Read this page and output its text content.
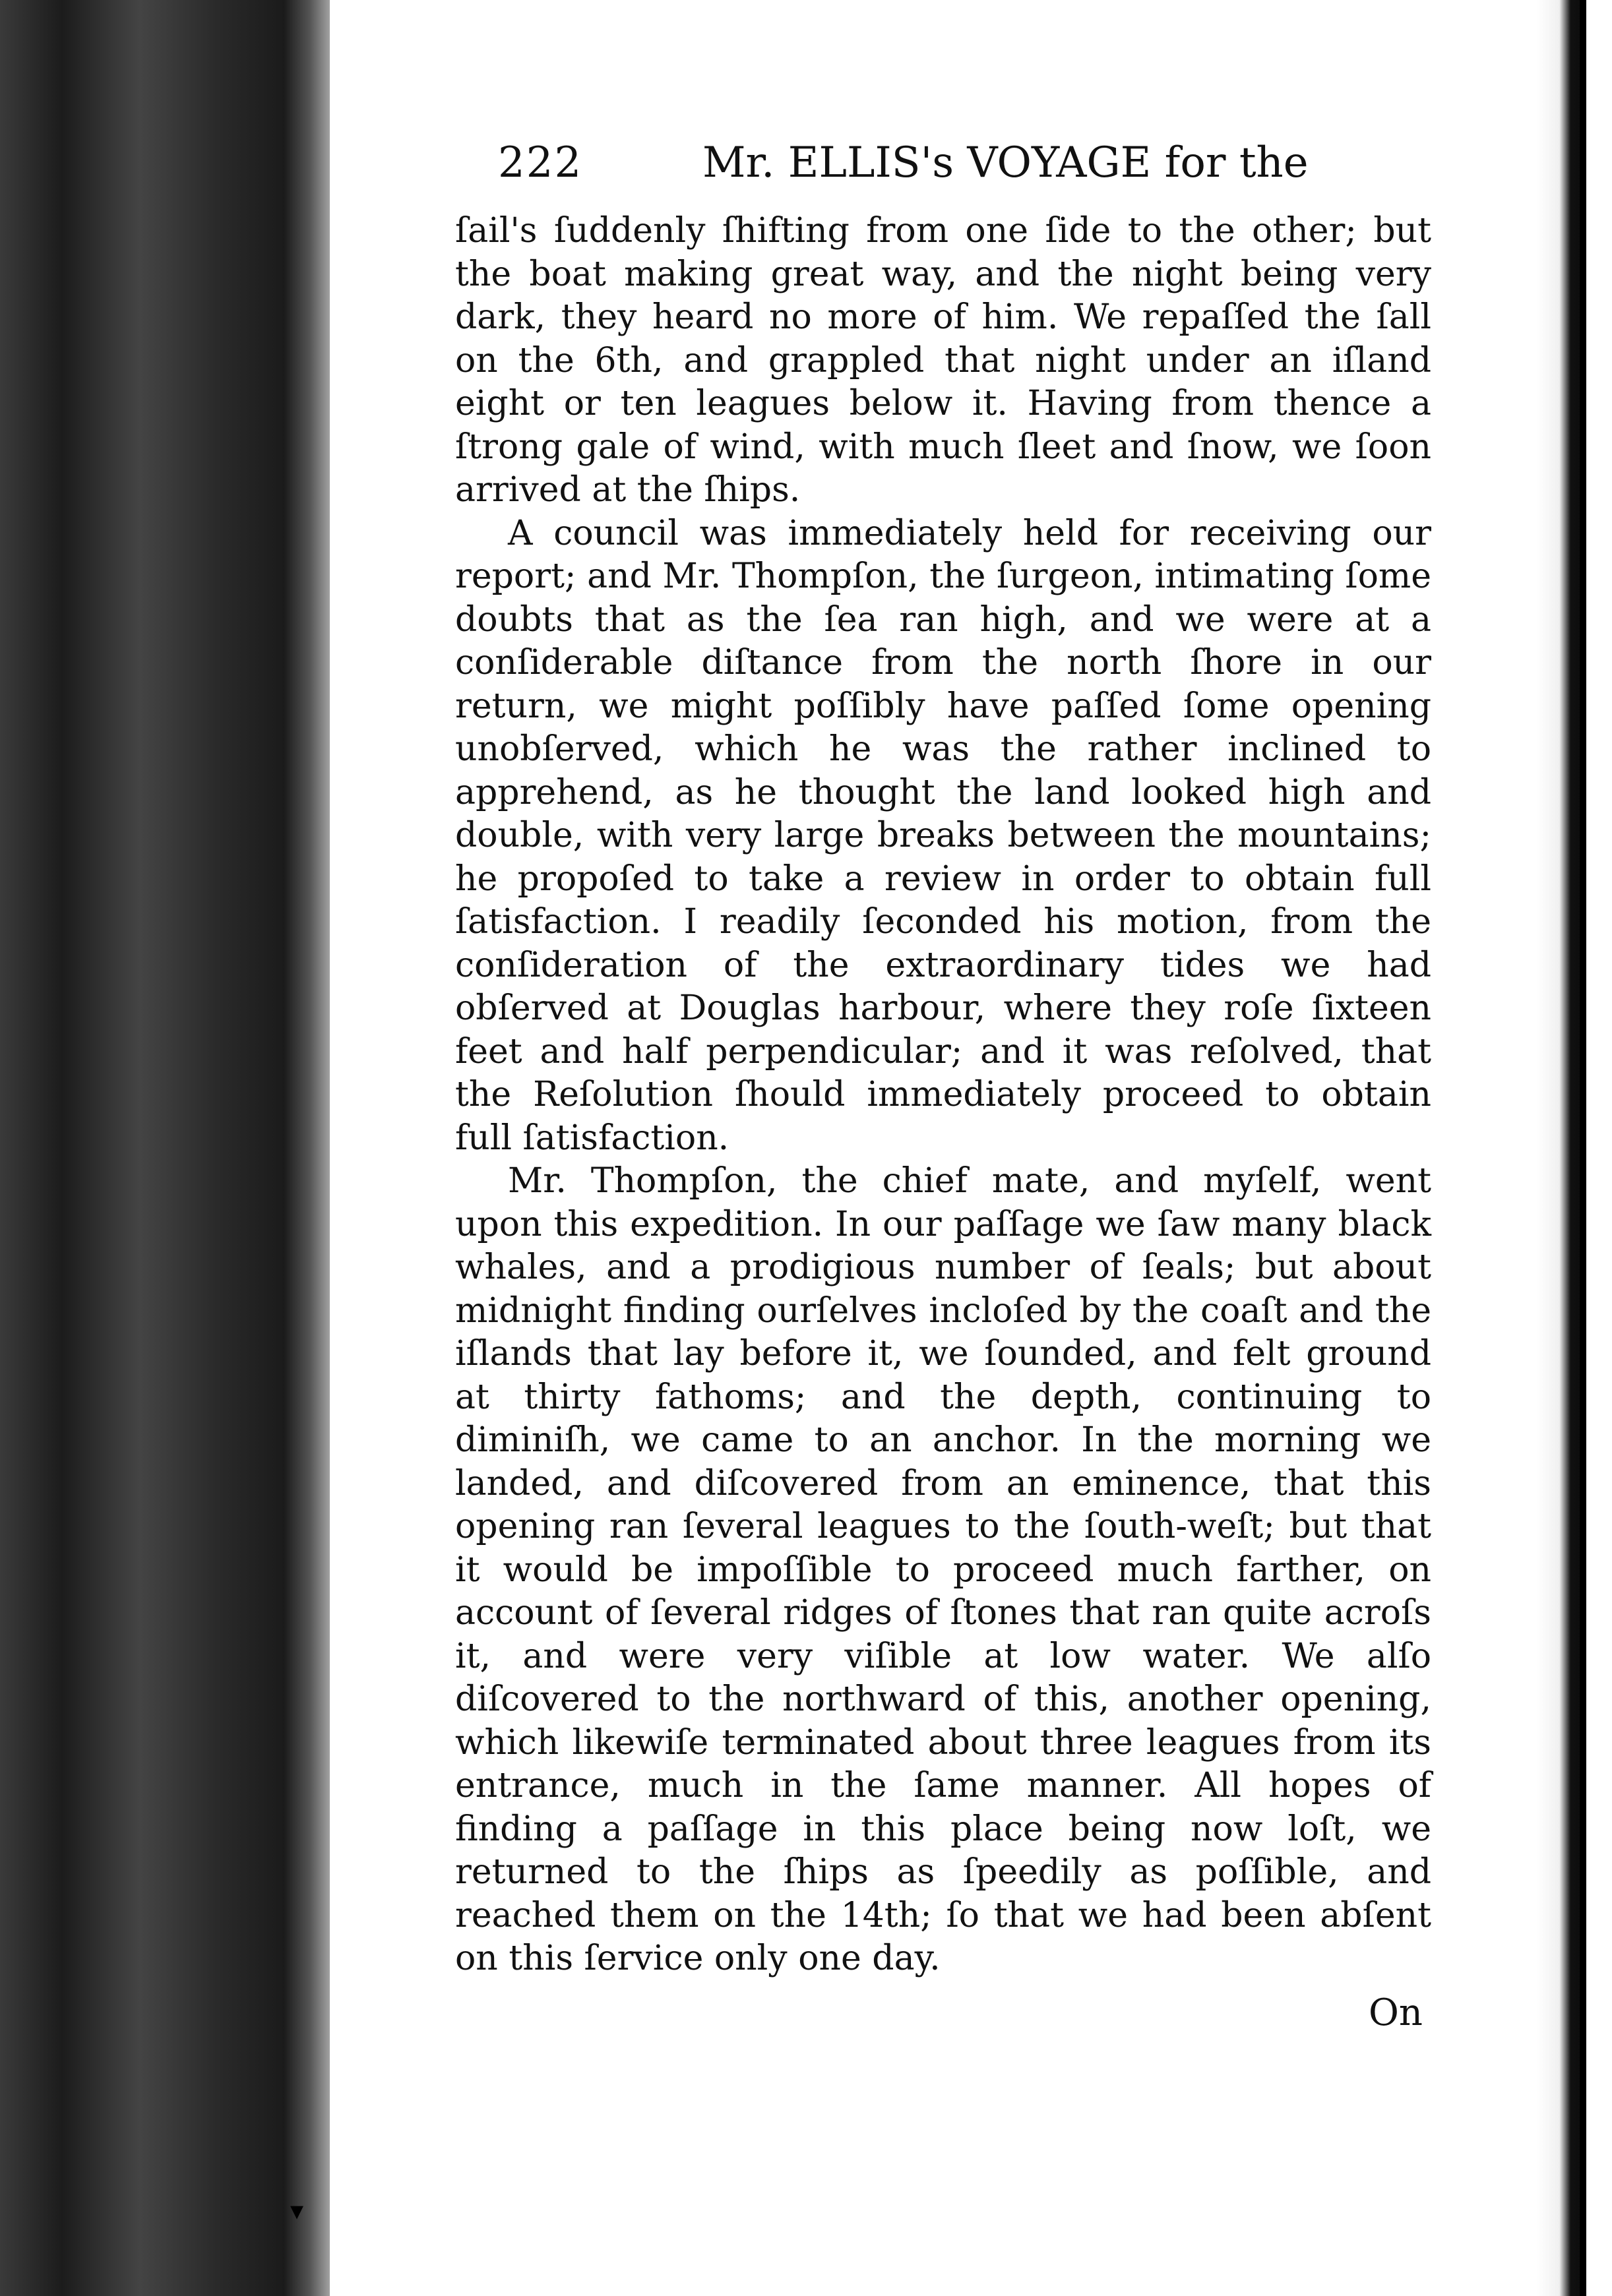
222	Mr. ELLIS's VOYAGE for the

ſail's ſuddenly ſhifting from one ſide to the other; but the boat making great way, and the night being very dark, they heard no more of him. We repaſſed the ſall on the 6th, and grappled that night under an iſland eight or ten leagues below it. Having from thence a ſtrong gale of wind, with much ſleet and ſnow, we ſoon arrived at the ſhips.

A council was immediately held for receiving our report; and Mr. Thompſon, the ſurgeon, intimating ſome doubts that as the ſea ran high, and we were at a conſiderable diſtance from the north ſhore in our return, we might poſſibly have paſſed ſome opening unobſerved, which he was the rather inclined to apprehend, as he thought the land looked high and double, with very large breaks between the mountains; he propoſed to take a review in order to obtain full ſatisfaction. I readily ſeconded his motion, from the conſideration of the extraordinary tides we had obſerved at Douglas harbour, where they roſe ſixteen feet and half perpendicular; and it was reſolved, that the Reſolution ſhould immediately proceed to obtain full ſatisfaction.

Mr. Thompſon, the chief mate, and myſelf, went upon this expedition. In our paſſage we ſaw many black whales, and a prodigious number of ſeals; but about midnight finding ourſelves incloſed by the coaſt and the iſlands that lay before it, we ſounded, and felt ground at thirty fathoms; and the depth, continuing to diminiſh, we came to an anchor. In the morning we landed, and diſcovered from an eminence, that this opening ran ſeveral leagues to the ſouth-weſt; but that it would be impoſſible to proceed much farther, on account of ſeveral ridges of ſtones that ran quite acroſs it, and were very viſible at low water. We alſo diſcovered to the northward of this, another opening, which likewiſe terminated about three leagues from its entrance, much in the ſame manner. All hopes of finding a paſſage in this place being now loſt, we returned to the ſhips as ſpeedily as poſſible, and reached them on the 14th; ſo that we had been abſent on this ſervice only one day.

On
▾
